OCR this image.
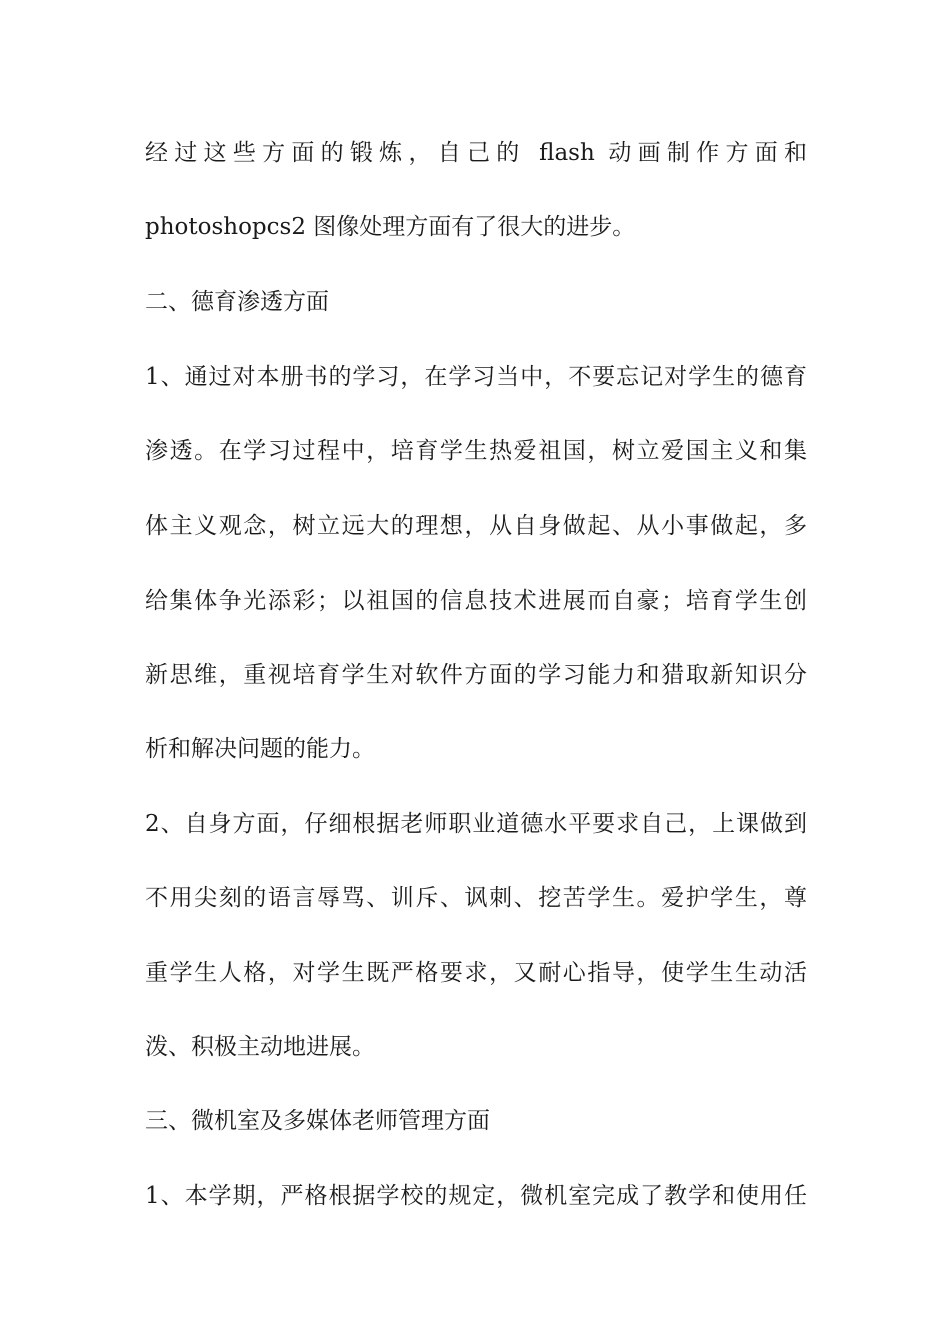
经过这些方面的锻炼，自己的 flash 动画制作方面和
photoshopcs2 图像处理方面有了很大的进步。
二、德育渗透方面
1、通过对本册书的学习，在学习当中，不要忘记对学生的德育
渗透。在学习过程中，培育学生热爱祖国，树立爱国主义和集
体主义观念，树立远大的理想，从自身做起、从小事做起，多
给集体争光添彩；以祖国的信息技术进展而自豪；培育学生创
新思维，重视培育学生对软件方面的学习能力和猎取新知识分
析和解决问题的能力。
2、自身方面，仔细根据老师职业道德水平要求自己，上课做到
不用尖刻的语言辱骂、训斥、讽刺、挖苦学生。爱护学生，尊
重学生人格，对学生既严格要求，又耐心指导，使学生生动活
泼、积极主动地进展。
三、微机室及多媒体老师管理方面
1、本学期，严格根据学校的规定，微机室完成了教学和使用任
